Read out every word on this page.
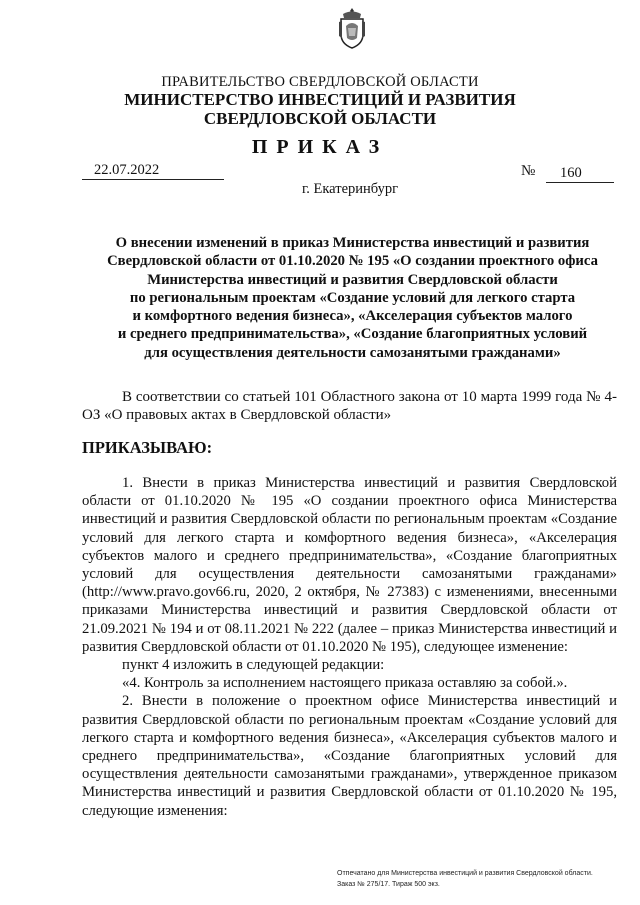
ПРАВИТЕЛЬСТВО СВЕРДЛОВСКОЙ ОБЛАСТИ
МИНИСТЕРСТВО ИНВЕСТИЦИЙ И РАЗВИТИЯ
СВЕРДЛОВСКОЙ ОБЛАСТИ
ПРИКАЗ
22.07.2022	№	160
г. Екатеринбург
О внесении изменений в приказ Министерства инвестиций и развития
Свердловской области от 01.10.2020 № 195 «О создании проектного офиса
Министерства инвестиций и развития Свердловской области
по региональным проектам «Создание условий для легкого старта
и комфортного ведения бизнеса», «Акселерация субъектов малого
и среднего предпринимательства», «Создание благоприятных условий
для осуществления деятельности самозанятыми гражданами»

В соответствии со статьей 101 Областного закона от 10 марта 1999 года № 4-ОЗ «О правовых актах в Свердловской области»

ПРИКАЗЫВАЮ:

1. Внести в приказ Министерства инвестиций и развития Свердловской области от 01.10.2020 № 195 «О создании проектного офиса Министерства инвестиций и развития Свердловской области по региональным проектам «Создание условий для легкого старта и комфортного ведения бизнеса», «Акселерация субъектов малого и среднего предпринимательства», «Создание благоприятных условий для осуществления деятельности самозанятыми гражданами» (http://www.pravo.gov66.ru, 2020, 2 октября, № 27383) с изменениями, внесенными приказами Министерства инвестиций и развития Свердловской области от 21.09.2021 № 194 и от 08.11.2021 № 222 (далее – приказ Министерства инвестиций и развития Свердловской области от 01.10.2020 № 195), следующее изменение:

пункт 4 изложить в следующей редакции:

«4. Контроль за исполнением настоящего приказа оставляю за собой.».

2. Внести в положение о проектном офисе Министерства инвестиций и развития Свердловской области по региональным проектам «Создание условий для легкого старта и комфортного ведения бизнеса», «Акселерация субъектов малого и среднего предпринимательства», «Создание благоприятных условий для осуществления деятельности самозанятыми гражданами», утвержденное приказом Министерства инвестиций и развития Свердловской области от 01.10.2020 № 195, следующие изменения:

Отпечатано для Министерства инвестиций и развития Свердловской области.
Заказ № 275/17. Тираж 500 экз.
